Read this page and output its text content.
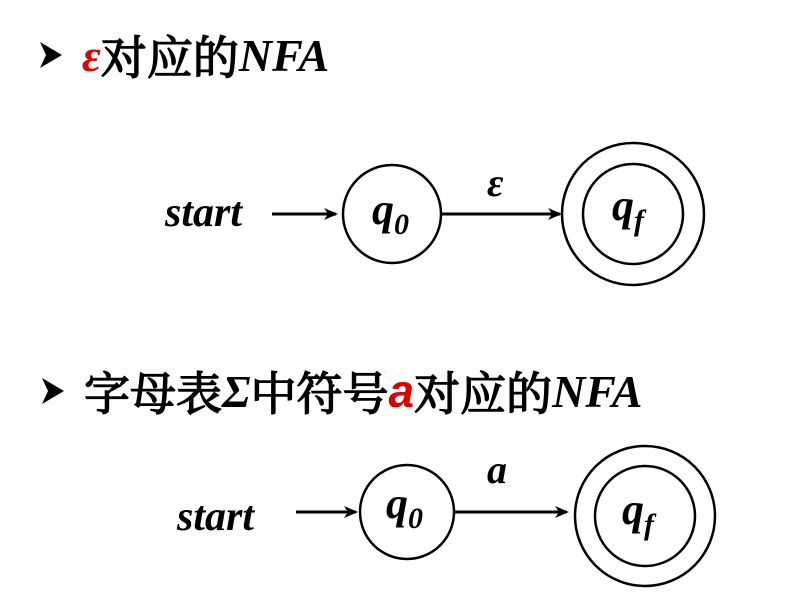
ε 对应的 NFA
字母表 Σ 中符号 a 对应的 NFA
start	$q_0$
ε $q_f$
start	$q_0$
a
$q_f$
